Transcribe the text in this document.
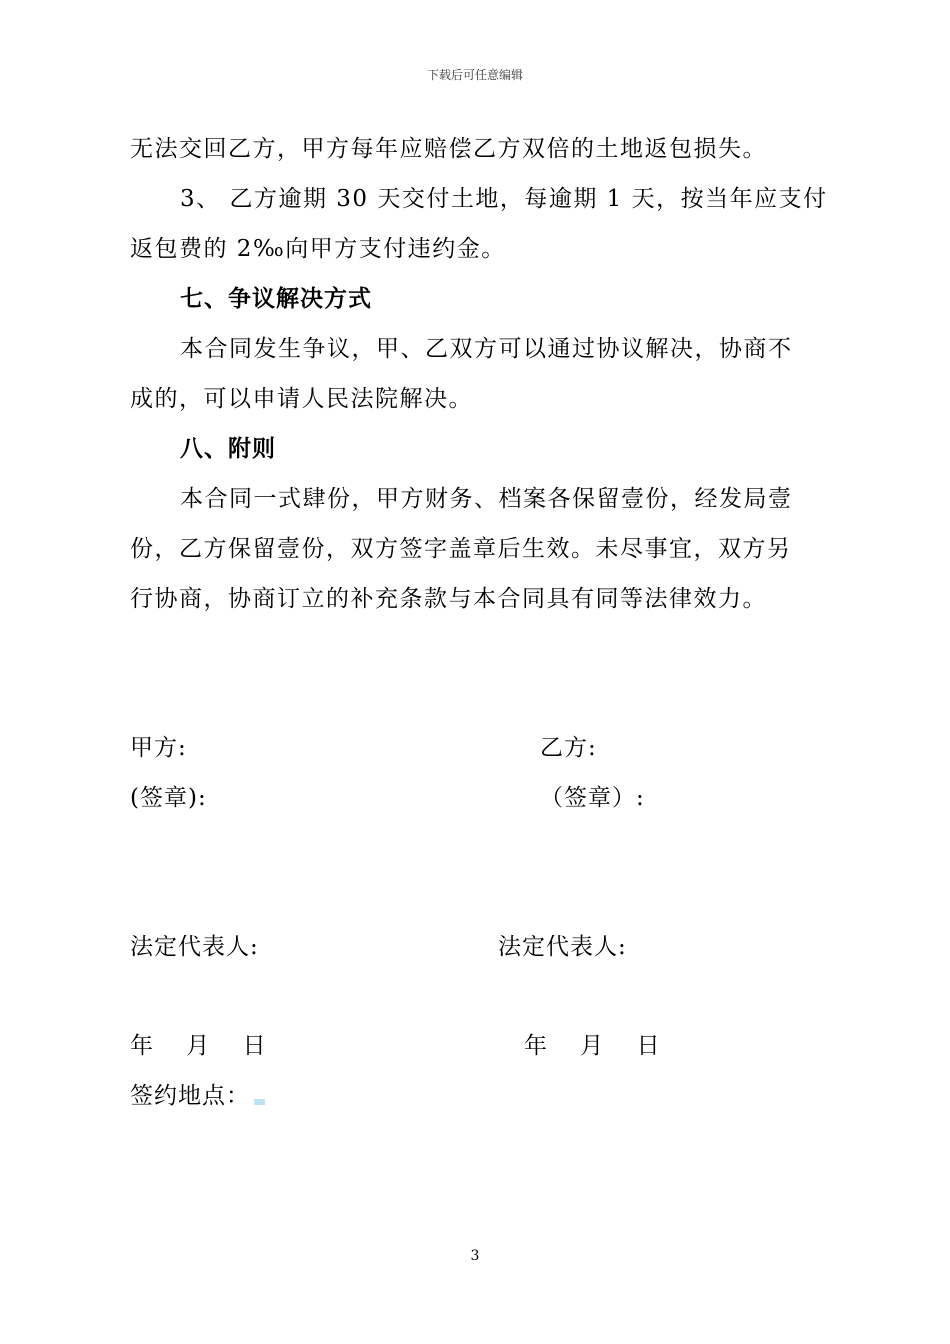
下载后可任意编辑
无法交回乙方，甲方每年应赔偿乙方双倍的土地返包损失。
3、 乙方逾期 30 天交付土地，每逾期 1 天，按当年应支付
返包费的 2‰向甲方支付违约金。
七、争议解决方式
本合同发生争议，甲、乙双方可以通过协议解决，协商不
成的，可以申请人民法院解决。
八、附则
本合同一式肆份，甲方财务、档案各保留壹份，经发局壹
份，乙方保留壹份，双方签字盖章后生效。未尽事宜，双方另
行协商，协商订立的补充条款与本合同具有同等法律效力。
甲方:	乙方:
(签章):	（签章）:
法定代表人:	法定代表人:
年　 月　 日	年　 月　 日
签约地点：
3
